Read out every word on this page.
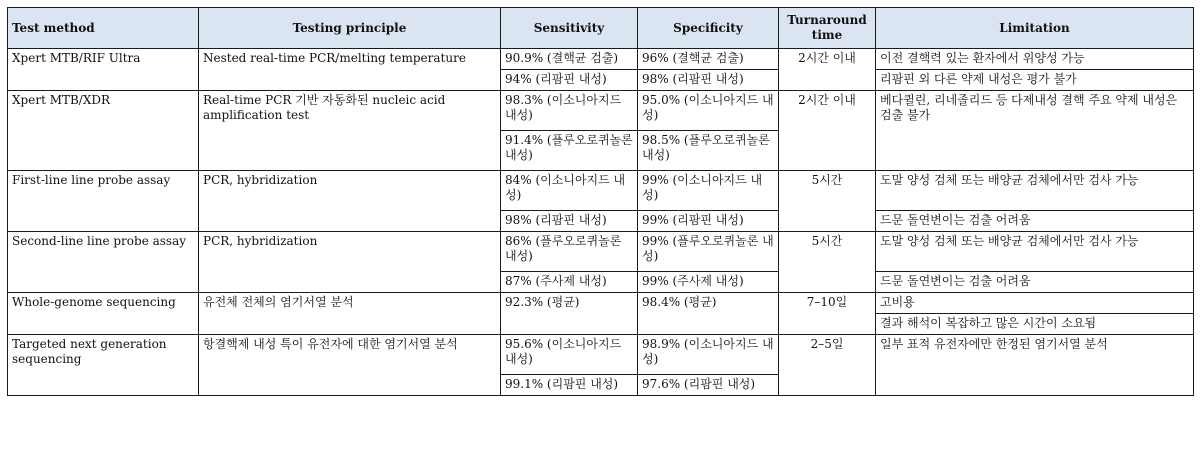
Test method	Testing principle	Sensitivity	Specificity	Turnaround time	Limitation
Xpert MTB/RIF Ultra	Nested real-time PCR/melting temperature	90.9% (결핵균 검출)	96% (결핵균 검출)	2시간 이내	이전 결핵력 있는 환자에서 위양성 가능
		94% (리팜핀 내성)	98% (리팜핀 내성)		리팜핀 외 다른 약제 내성은 평가 불가
Xpert MTB/XDR	Real-time PCR 기반 자동화된 nucleic acid amplification test	98.3% (이소니아지드 내성)	95.0% (이소니아지드 내성)	2시간 이내	베다퀼린, 리네졸리드 등 다제내성 결핵 주요 약제 내성은 검출 불가
		91.4% (플루오로퀴놀론 내성)	98.5% (플루오로퀴놀론 내성)		
First-line line probe assay	PCR, hybridization	84% (이소니아지드 내성)	99% (이소니아지드 내성)	5시간	도말 양성 검체 또는 배양균 검체에서만 검사 가능
		98% (리팜핀 내성)	99% (리팜핀 내성)		드문 돌연변이는 검출 어려움
Second-line line probe assay	PCR, hybridization	86% (플루오로퀴놀론 내성)	99% (플루오로퀴놀론 내성)	5시간	도말 양성 검체 또는 배양균 검체에서만 검사 가능
		87% (주사제 내성)	99% (주사제 내성)		드문 돌연변이는 검출 어려움
Whole-genome sequencing	유전체 전체의 염기서열 분석	92.3% (평균)	98.4% (평균)	7–10일	고비용
					결과 해석이 복잡하고 많은 시간이 소요됨
Targeted next generation sequencing	항결핵제 내성 특이 유전자에 대한 염기서열 분석	95.6% (이소니아지드 내성)	98.9% (이소니아지드 내성)	2–5일	일부 표적 유전자에만 한정된 염기서열 분석
		99.1% (리팜핀 내성)	97.6% (리팜핀 내성)		
